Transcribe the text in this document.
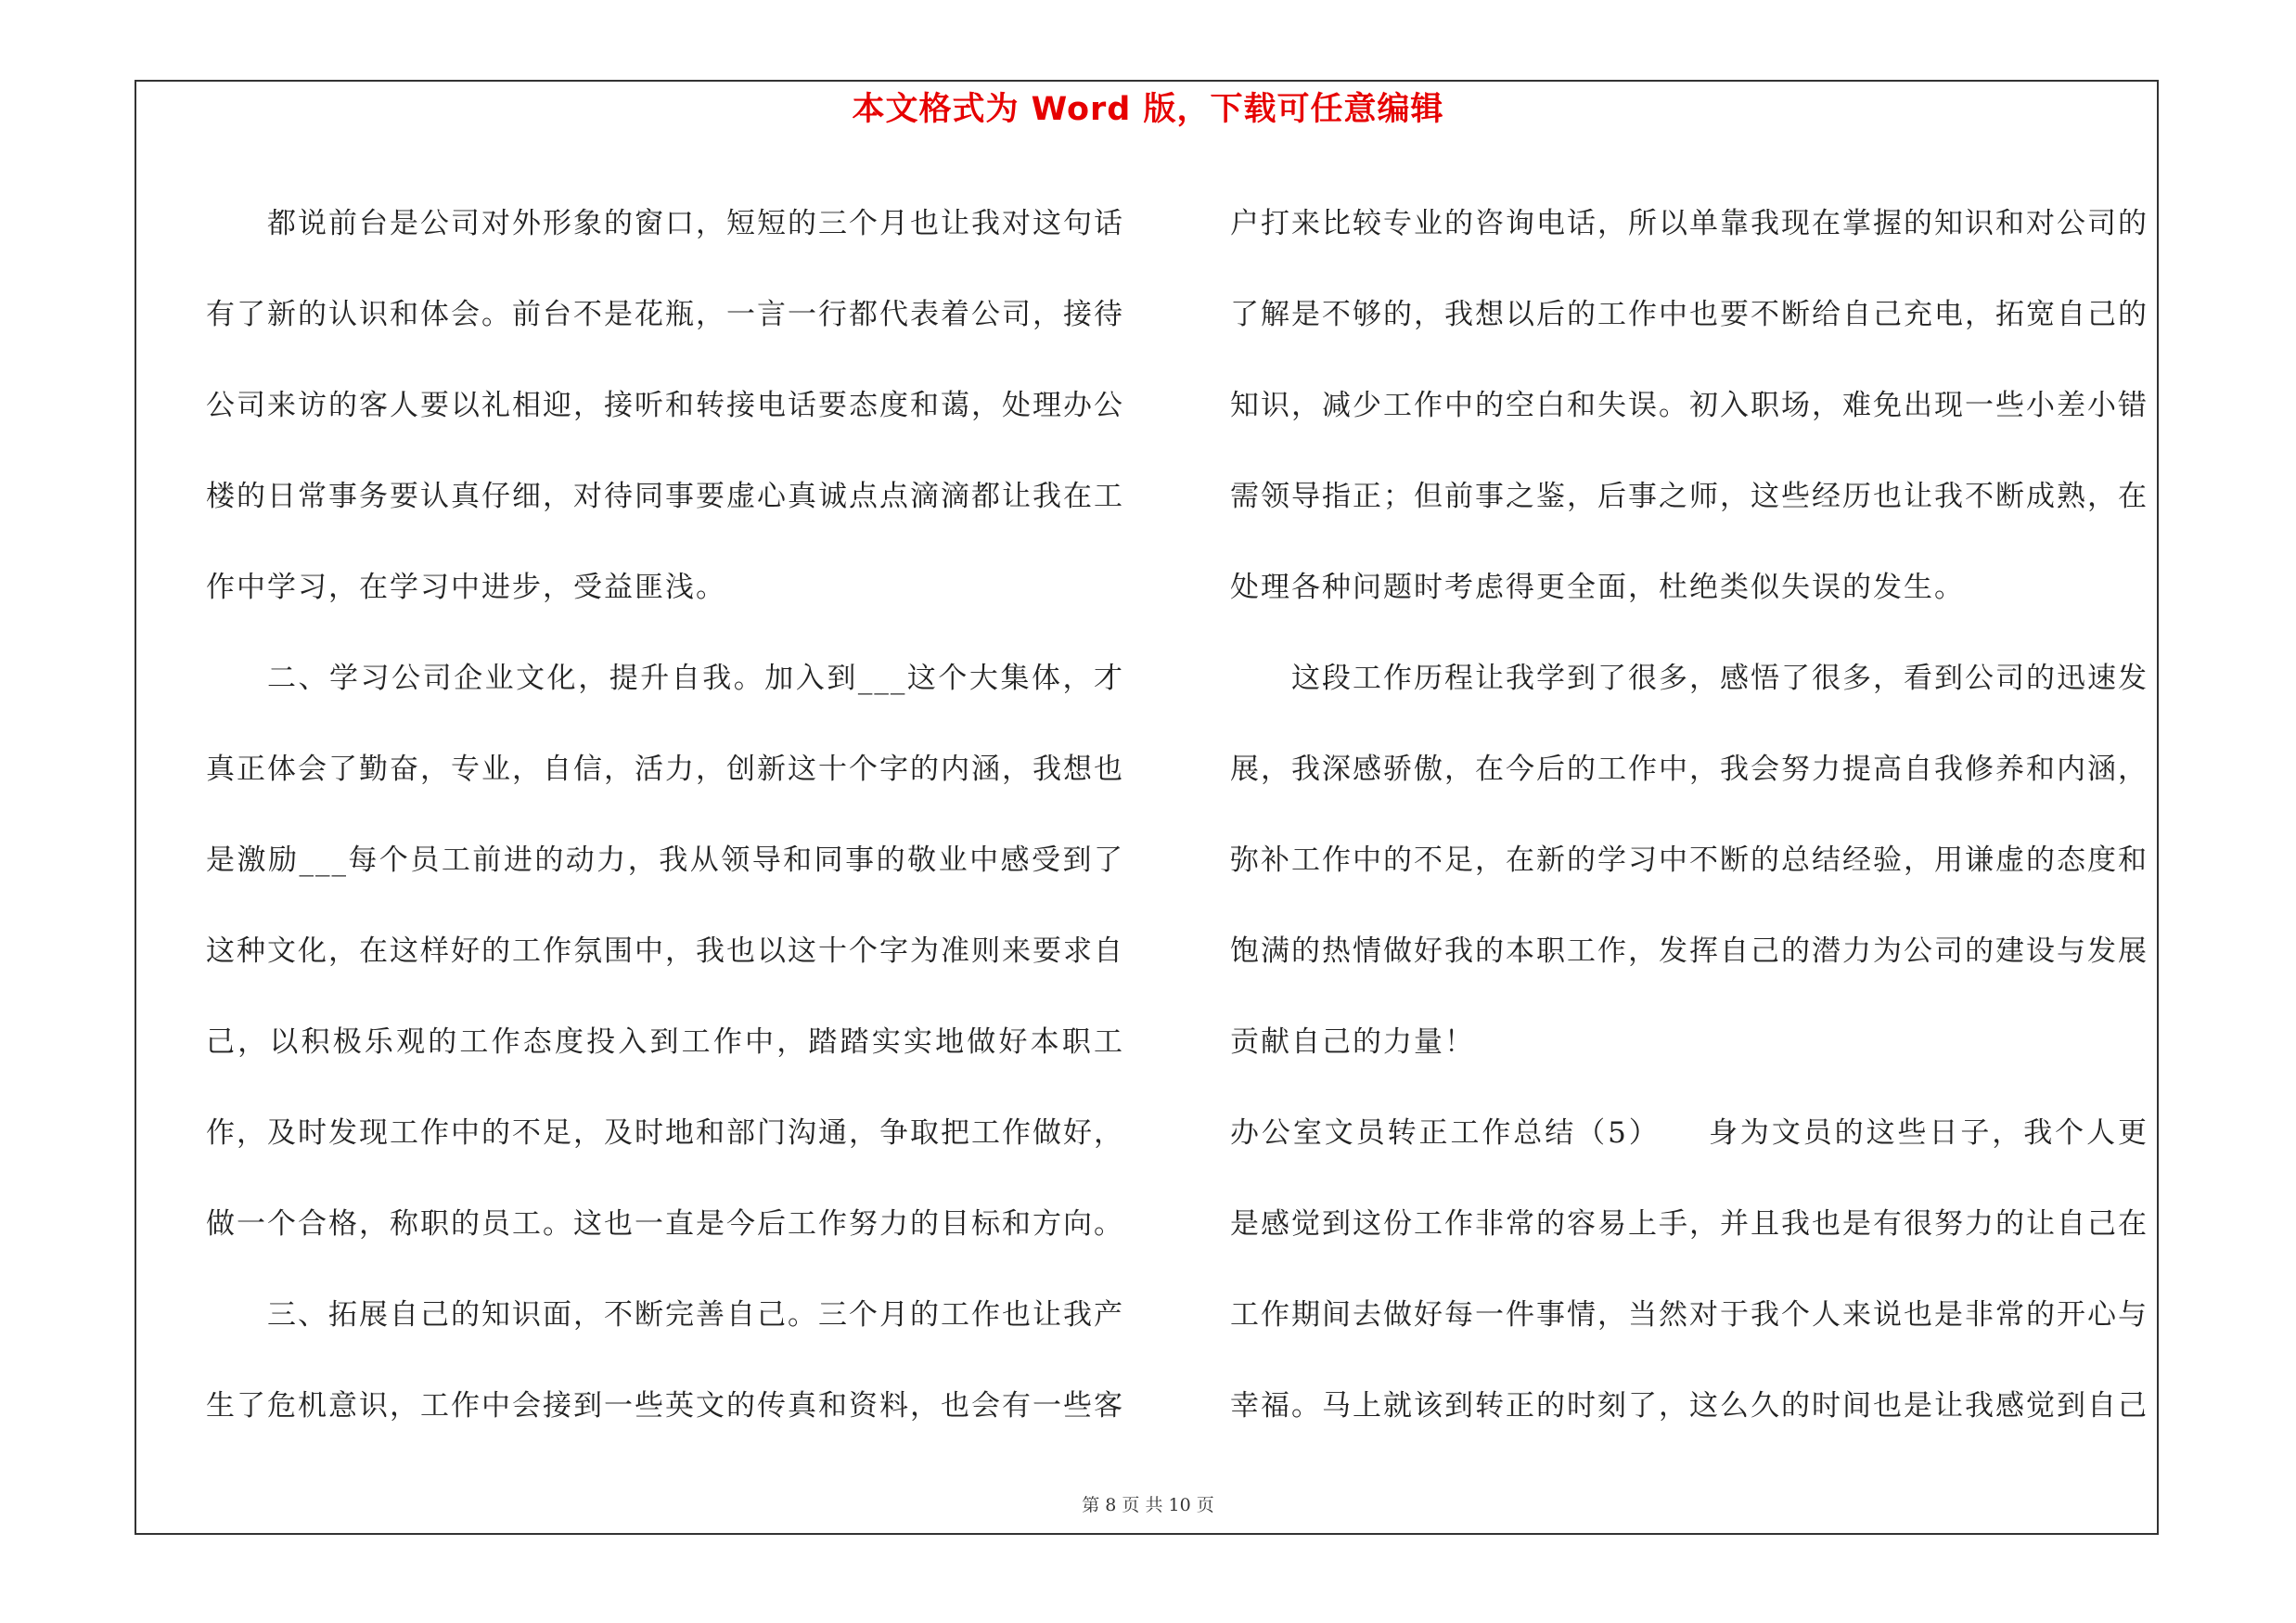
本文格式为 Word 版，下载可任意编辑

都说前台是公司对外形象的窗口，短短的三个月也让我对这句话有了新的认识和体会。前台不是花瓶，一言一行都代表着公司，接待公司来访的客人要以礼相迎，接听和转接电话要态度和蔼，处理办公楼的日常事务要认真仔细，对待同事要虚心真诚点点滴滴都让我在工作中学习，在学习中进步，受益匪浅。

二、学习公司企业文化，提升自我。加入到___这个大集体，才真正体会了勤奋，专业，自信，活力，创新这十个字的内涵，我想也是激励___每个员工前进的动力，我从领导和同事的敬业中感受到了这种文化，在这样好的工作氛围中，我也以这十个字为准则来要求自己，以积极乐观的工作态度投入到工作中，踏踏实实地做好本职工作，及时发现工作中的不足，及时地和部门沟通，争取把工作做好，做一个合格，称职的员工。这也一直是今后工作努力的目标和方向。

三、拓展自己的知识面，不断完善自己。三个月的工作也让我产生了危机意识，工作中会接到一些英文的传真和资料，也会有一些客

户打来比较专业的咨询电话，所以单靠我现在掌握的知识和对公司的了解是不够的，我想以后的工作中也要不断给自己充电，拓宽自己的知识，减少工作中的空白和失误。初入职场，难免出现一些小差小错需领导指正；但前事之鉴，后事之师，这些经历也让我不断成熟，在处理各种问题时考虑得更全面，杜绝类似失误的发生。

这段工作历程让我学到了很多，感悟了很多，看到公司的迅速发展，我深感骄傲，在今后的工作中，我会努力提高自我修养和内涵，弥补工作中的不足，在新的学习中不断的总结经验，用谦虚的态度和饱满的热情做好我的本职工作，发挥自己的潜力为公司的建设与发展贡献自己的力量！

办公室文员转正工作总结（5）　　身为文员的这些日子，我个人更是感觉到这份工作非常的容易上手，并且我也是有很努力的让自己在工作期间去做好每一件事情，当然对于我个人来说也是非常的开心与幸福。马上就该到转正的时刻了，这么久的时间也是让我感觉到自己

第 8 页 共 10 页
